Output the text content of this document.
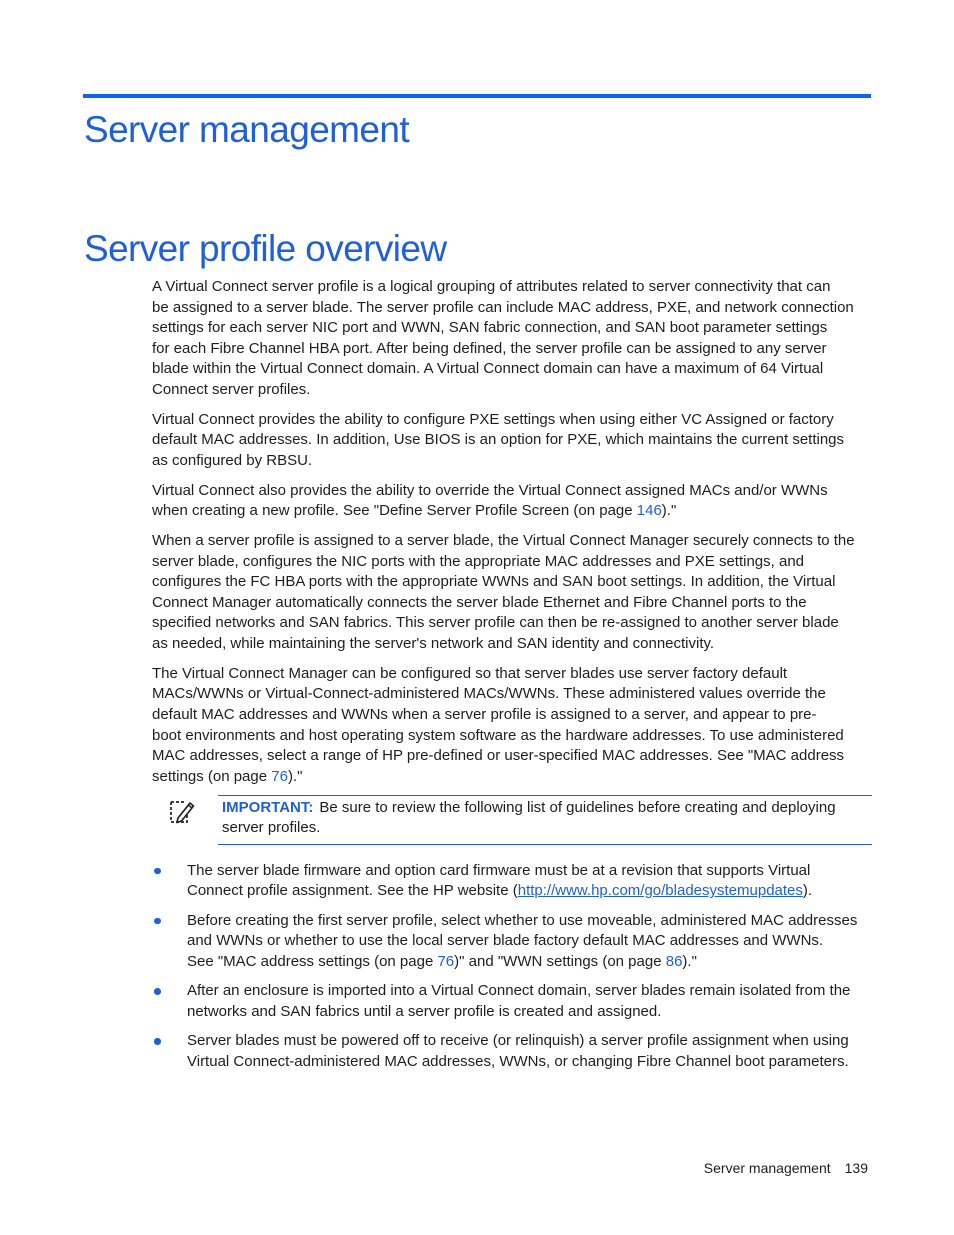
Server management
Server profile overview

A Virtual Connect server profile is a logical grouping of attributes related to server connectivity that can
be assigned to a server blade. The server profile can include MAC address, PXE, and network connection
settings for each server NIC port and WWN, SAN fabric connection, and SAN boot parameter settings
for each Fibre Channel HBA port. After being defined, the server profile can be assigned to any server
blade within the Virtual Connect domain. A Virtual Connect domain can have a maximum of 64 Virtual
Connect server profiles.

Virtual Connect provides the ability to configure PXE settings when using either VC Assigned or factory
default MAC addresses. In addition, Use BIOS is an option for PXE, which maintains the current settings
as configured by RBSU.

Virtual Connect also provides the ability to override the Virtual Connect assigned MACs and/or WWNs
when creating a new profile. See "Define Server Profile Screen (on page 146)."

When a server profile is assigned to a server blade, the Virtual Connect Manager securely connects to the
server blade, configures the NIC ports with the appropriate MAC addresses and PXE settings, and
configures the FC HBA ports with the appropriate WWNs and SAN boot settings. In addition, the Virtual
Connect Manager automatically connects the server blade Ethernet and Fibre Channel ports to the
specified networks and SAN fabrics. This server profile can then be re-assigned to another server blade
as needed, while maintaining the server's network and SAN identity and connectivity.

The Virtual Connect Manager can be configured so that server blades use server factory default
MACs/WWNs or Virtual-Connect-administered MACs/WWNs. These administered values override the
default MAC addresses and WWNs when a server profile is assigned to a server, and appear to pre-
boot environments and host operating system software as the hardware addresses. To use administered
MAC addresses, select a range of HP pre-defined or user-specified MAC addresses. See "MAC address
settings (on page 76)."

IMPORTANT: Be sure to review the following list of guidelines before creating and deploying
server profiles.
The server blade firmware and option card firmware must be at a revision that supports Virtual
Connect profile assignment. See the HP website (http://www.hp.com/go/bladesystemupdates).
Before creating the first server profile, select whether to use moveable, administered MAC addresses
and WWNs or whether to use the local server blade factory default MAC addresses and WWNs.
See "MAC address settings (on page 76)" and "WWN settings (on page 86)."
After an enclosure is imported into a Virtual Connect domain, server blades remain isolated from the
networks and SAN fabrics until a server profile is created and assigned.
Server blades must be powered off to receive (or relinquish) a server profile assignment when using
Virtual Connect-administered MAC addresses, WWNs, or changing Fibre Channel boot parameters.
Server management 139
